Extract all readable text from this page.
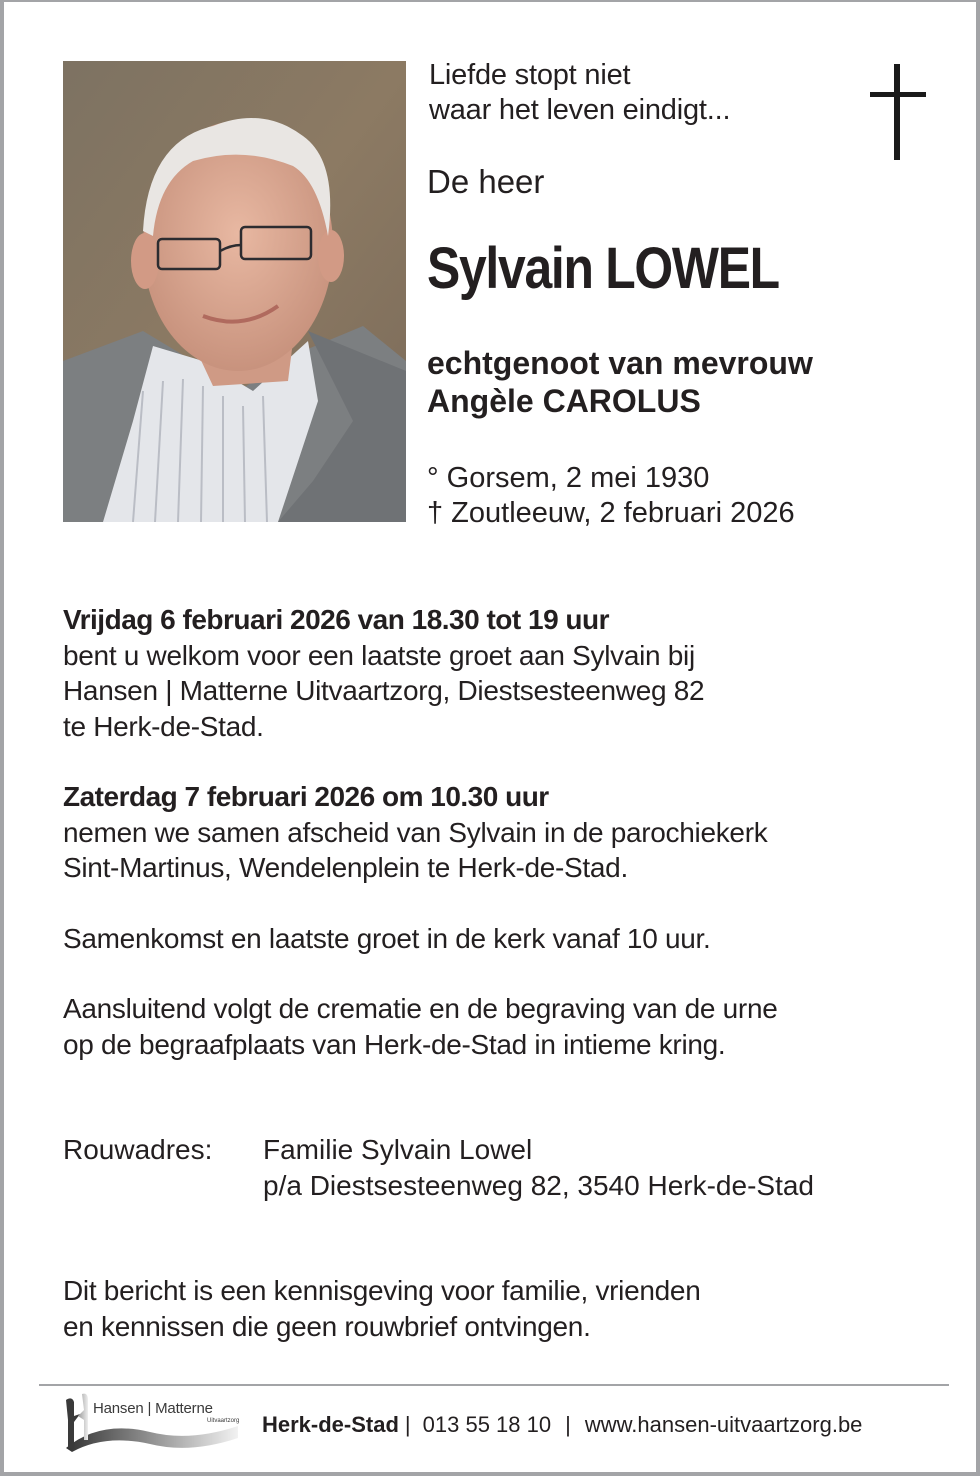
Liefde stopt niet
waar het leven eindigt...
De heer
Sylvain LOWEL
echtgenoot van mevrouw
Angèle CAROLUS
° Gorsem, 2 mei 1930
† Zoutleeuw, 2 februari 2026
Vrijdag 6 februari 2026 van 18.30 tot 19 uur
bent u welkom voor een laatste groet aan Sylvain bij
Hansen | Matterne Uitvaartzorg, Diestsesteenweg 82
te Herk-de-Stad.
Zaterdag 7 februari 2026 om 10.30 uur
nemen we samen afscheid van Sylvain in de parochiekerk
Sint-Martinus, Wendelenplein te Herk-de-Stad.
Samenkomst en laatste groet in de kerk vanaf 10 uur.
Aansluitend volgt de crematie en de begraving van de urne
op de begraafplaats van Herk-de-Stad in intieme kring.
Rouwadres: Familie Sylvain Lowel
p/a Diestsesteenweg 82, 3540 Herk-de-Stad
Dit bericht is een kennisgeving voor familie, vrienden
en kennissen die geen rouwbrief ontvingen.
Hansen | Matterne
Uitvaartzorg Herk-de-Stad | 013 55 18 10 | www.hansen-uitvaartzorg.be
